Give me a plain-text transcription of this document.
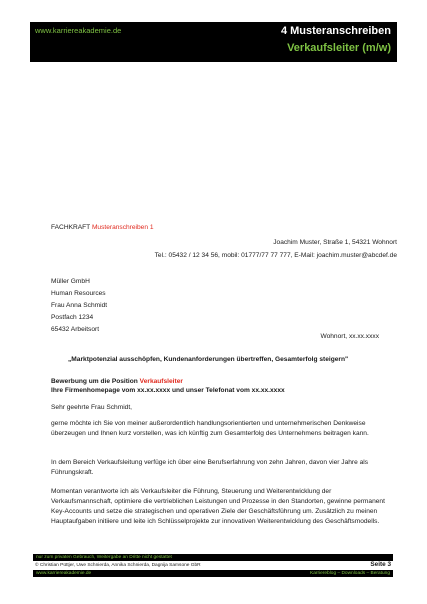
www.karriereakademie.de	4 Musteranschreiben
Verkaufsleiter (m/w)
FACHKRAFT Musteranschreiben 1
Joachim Muster, Straße 1, 54321 Wohnort
Tel.: 05432 / 12 34 56, mobil: 01777/77 77 777, E-Mail: joachim.muster@abcdef.de
Müller GmbH
Human Resources
Frau Anna Schmidt
Postfach 1234
65432 Arbeitsort
Wohnort, xx.xx.xxxx
„Marktpotenzial ausschöpfen, Kundenanforderungen übertreffen, Gesamterfolg steigern"
Bewerbung um die Position Verkaufsleiter
Ihre Firmenhomepage vom xx.xx.xxxx und unser Telefonat vom xx.xx.xxxx
Sehr geehrte Frau Schmidt,
gerne möchte ich Sie von meiner außerordentlich handlungsorientierten und unternehmerischen Denkweise überzeugen und Ihnen kurz vorstellen, was ich künftig zum Gesamterfolg des Unternehmens beitragen kann.
In dem Bereich Verkaufsleitung verfüge ich über eine Berufserfahrung von zehn Jahren, davon vier Jahre als Führungskraft.
Momentan verantworte ich als Verkaufsleiter die Führung, Steuerung und Weiterentwicklung der Verkaufsmannschaft, optimiere die vertrieblichen Leistungen und Prozesse in den Standorten, gewinne permanent Key-Accounts und setze die strategischen und operativen Ziele der Geschäftsführung um. Zusätzlich zu meinen Hauptaufgaben initiiere und leite ich Schlüsselprojekte zur innovativen Weiterentwicklung des Geschäftsmodells.
nur zum privaten Gebrauch, Weitergabe an Dritte nicht gestattet
© Christian Püttjer, Uwe Schnierda, Annika Schnierda, Dagnija Samsone GbR	Seite 3
www.karriereakademie.de	Karriereblog – Downloads – Beratung
